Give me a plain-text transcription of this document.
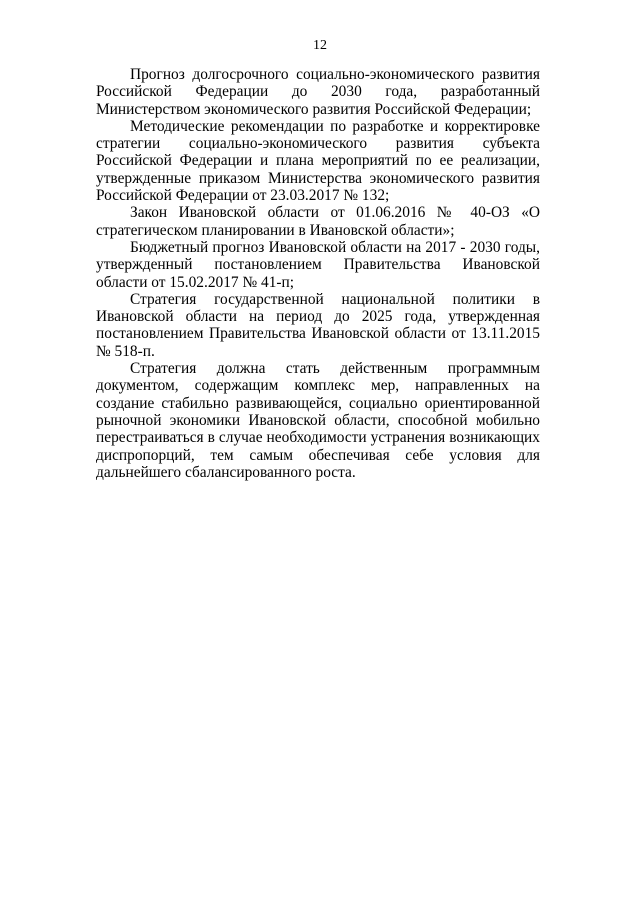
12

Прогноз долгосрочного социально-экономического развития Российской Федерации до 2030 года, разработанный Министерством экономического развития Российской Федерации;

Методические рекомендации по разработке и корректировке стратегии социально-экономического развития субъекта Российской Федерации и плана мероприятий по ее реализации, утвержденные приказом Министерства экономического развития Российской Федерации от 23.03.2017 № 132;

Закон Ивановской области от 01.06.2016 № 40-ОЗ «О стратегическом планировании в Ивановской области»;

Бюджетный прогноз Ивановской области на 2017 - 2030 годы, утвержденный постановлением Правительства Ивановской области от 15.02.2017 № 41-п;

Стратегия государственной национальной политики в Ивановской области на период до 2025 года, утвержденная постановлением Правительства Ивановской области от 13.11.2015 № 518-п.

Стратегия должна стать действенным программным документом, содержащим комплекс мер, направленных на создание стабильно развивающейся, социально ориентированной рыночной экономики Ивановской области, способной мобильно перестраиваться в случае необходимости устранения возникающих диспропорций, тем самым обеспечивая себе условия для дальнейшего сбалансированного роста.
